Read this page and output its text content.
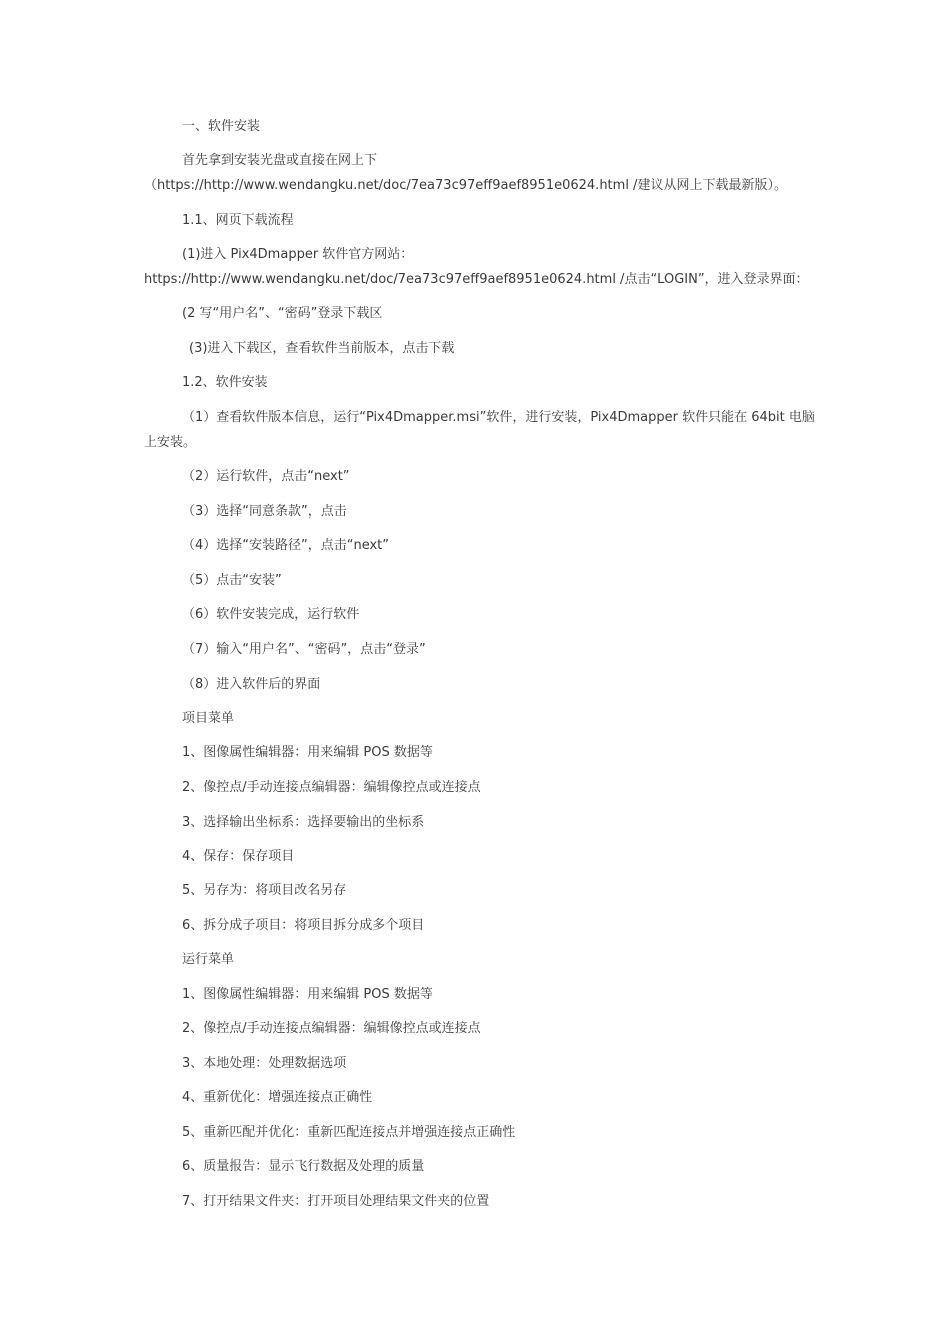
一、软件安装
首先拿到安装光盘或直接在网上下
（https://http://www.wendangku.net/doc/7ea73c97eff9aef8951e0624.html /建议从网上下载最新版）。
1.1、网页下载流程
(1)进入 Pix4Dmapper 软件官方网站：
https://http://www.wendangku.net/doc/7ea73c97eff9aef8951e0624.html /点击“LOGIN”，进入登录界面：
(2 写“用户名”、“密码”登录下载区
(3)进入下载区，查看软件当前版本，点击下载
1.2、软件安装
（1）查看软件版本信息，运行“Pix4Dmapper.msi”软件，进行安装，Pix4Dmapper 软件只能在 64bit 电脑
上安装。
（2）运行软件，点击“next”
（3）选择“同意条款”，点击
（4）选择“安装路径”，点击“next”
（5）点击“安装”
（6）软件安装完成，运行软件
（7）输入“用户名”、“密码”，点击“登录”
（8）进入软件后的界面
项目菜单
1、图像属性编辑器：用来编辑 POS 数据等
2、像控点/手动连接点编辑器：编辑像控点或连接点
3、选择输出坐标系：选择要输出的坐标系
4、保存：保存项目
5、另存为：将项目改名另存
6、拆分成子项目：将项目拆分成多个项目
运行菜单
1、图像属性编辑器：用来编辑 POS 数据等
2、像控点/手动连接点编辑器：编辑像控点或连接点
3、本地处理：处理数据选项
4、重新优化：增强连接点正确性
5、重新匹配并优化：重新匹配连接点并增强连接点正确性
6、质量报告：显示飞行数据及处理的质量
7、打开结果文件夹：打开项目处理结果文件夹的位置
